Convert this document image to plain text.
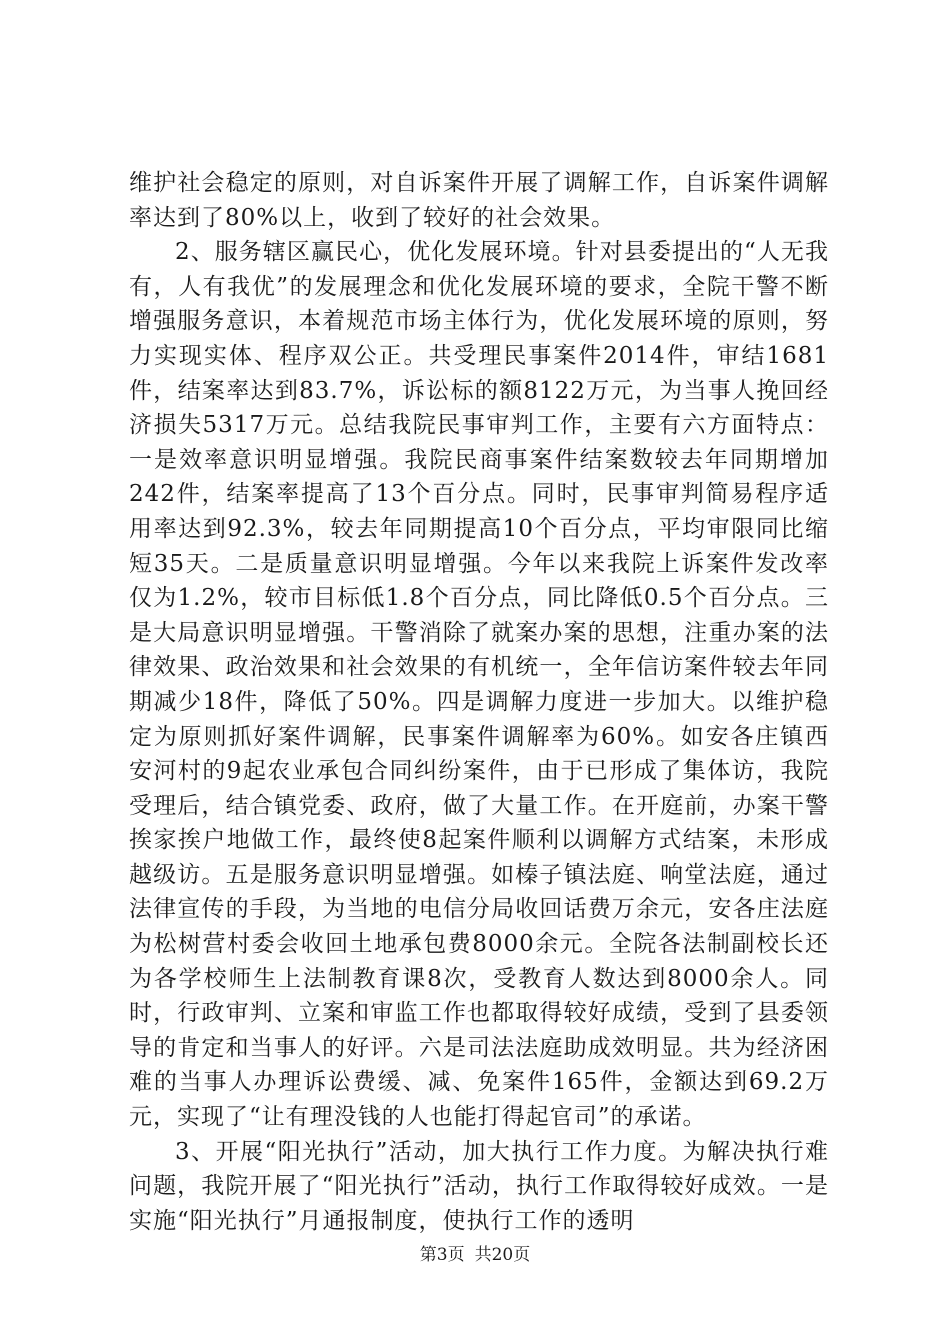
维护社会稳定的原则，对自诉案件开展了调解工作，自诉案件调解率达到了80%以上，收到了较好的社会效果。

2、服务辖区赢民心，优化发展环境。针对县委提出的“人无我有，人有我优”的发展理念和优化发展环境的要求，全院干警不断增强服务意识，本着规范市场主体行为，优化发展环境的原则，努力实现实体、程序双公正。共受理民事案件2014件，审结1681件，结案率达到83.7%，诉讼标的额8122万元，为当事人挽回经济损失5317万元。总结我院民事审判工作，主要有六方面特点：一是效率意识明显增强。我院民商事案件结案数较去年同期增加242件，结案率提高了13个百分点。同时，民事审判简易程序适用率达到92.3%，较去年同期提高10个百分点，平均审限同比缩短35天。二是质量意识明显增强。今年以来我院上诉案件发改率仅为1.2%，较市目标低1.8个百分点，同比降低0.5个百分点。三是大局意识明显增强。干警消除了就案办案的思想，注重办案的法律效果、政治效果和社会效果的有机统一，全年信访案件较去年同期减少18件，降低了50%。四是调解力度进一步加大。以维护稳定为原则抓好案件调解，民事案件调解率为60%。如安各庄镇西安河村的9起农业承包合同纠纷案件，由于已形成了集体访，我院受理后，结合镇党委、政府，做了大量工作。在开庭前，办案干警挨家挨户地做工作，最终使8起案件顺利以调解方式结案，未形成越级访。五是服务意识明显增强。如榛子镇法庭、响堂法庭，通过法律宣传的手段，为当地的电信分局收回话费万余元，安各庄法庭为松树营村委会收回土地承包费8000余元。全院各法制副校长还为各学校师生上法制教育课8次，受教育人数达到8000余人。同时，行政审判、立案和审监工作也都取得较好成绩，受到了县委领导的肯定和当事人的好评。六是司法法庭助成效明显。共为经济困难的当事人办理诉讼费缓、减、免案件165件，金额达到69.2万元，实现了“让有理没钱的人也能打得起官司”的承诺。

3、开展“阳光执行”活动，加大执行工作力度。为解决执行难问题，我院开展了“阳光执行”活动，执行工作取得较好成效。一是实施“阳光执行”月通报制度，使执行工作的透明

第3页 共20页
